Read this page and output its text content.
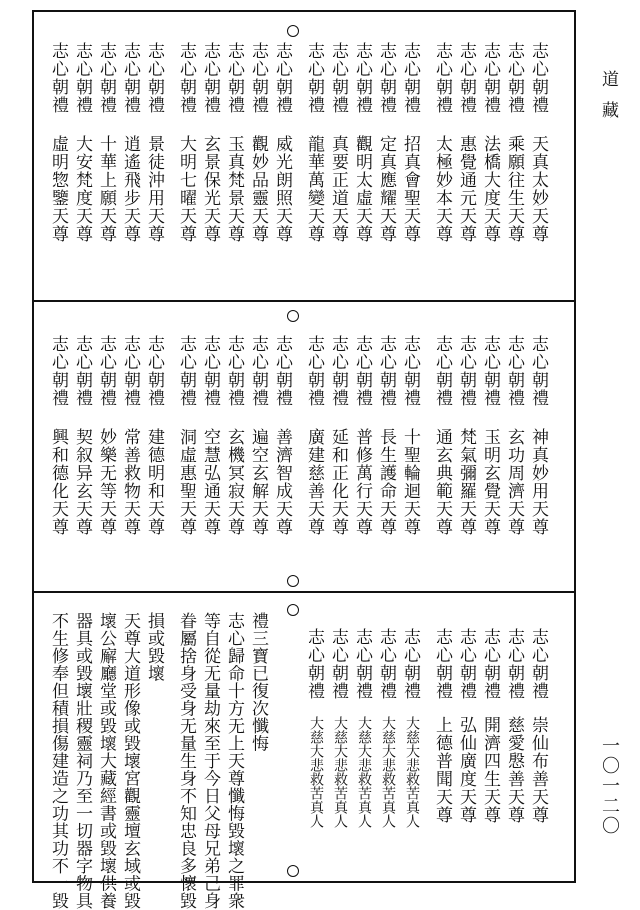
道藏
一〇一二〇
志心朝禮
天真太妙天尊
志心朝禮
乘願往生天尊
志心朝禮
法橋大度天尊
志心朝禮
惠覺通元天尊
志心朝禮
太極妙本天尊
志心朝禮
招真會聖天尊
志心朝禮
定真應耀天尊
志心朝禮
觀明太虛天尊
志心朝禮
真要正道天尊
志心朝禮
龍華萬變天尊
志心朝禮
威光朗照天尊
志心朝禮
觀妙品靈天尊
志心朝禮
玉真梵景天尊
志心朝禮
玄景保光天尊
志心朝禮
大明七曜天尊
志心朝禮
景徒沖用天尊
志心朝禮
逍遙飛步天尊
志心朝禮
十華上願天尊
志心朝禮
大安梵度天尊
志心朝禮
虛明惣鑒天尊
志心朝禮
神真妙用天尊
志心朝禮
玄功周濟天尊
志心朝禮
玉明玄覺天尊
志心朝禮
梵氣彌羅天尊
志心朝禮
通玄典範天尊
志心朝禮
十聖輪迴天尊
志心朝禮
長生護命天尊
志心朝禮
普修萬行天尊
志心朝禮
延和正化天尊
志心朝禮
廣建慈善天尊
志心朝禮
善濟智成天尊
志心朝禮
遍空玄解天尊
志心朝禮
玄機冥寂天尊
志心朝禮
空慧弘通天尊
志心朝禮
洞虛惠聖天尊
志心朝禮
建德明和天尊
志心朝禮
常善救物天尊
志心朝禮
妙樂无等天尊
志心朝禮
契叙异玄天尊
志心朝禮
興和德化天尊
志心朝禮
崇仙布善天尊
志心朝禮
慈愛慇善天尊
志心朝禮
開濟四生天尊
志心朝禮
弘仙廣度天尊
志心朝禮
上德普聞天尊
志心朝禮
大慈大悲救苦真人
志心朝禮
大慈大悲救苦真人
志心朝禮
大慈大悲救苦真人
志心朝禮
大慈大悲救苦真人
志心朝禮
大慈大悲救苦真人
禮三寶已復次懺悔
志心歸命十方无上天尊懺悔毀壞之罪衆
等自從无量劫來至于今日父母兄弟己身
眷屬捨身受身无量生身不知忠良多懷毀
損或毀壞
天尊大道形像或毀壞宮觀靈壇玄域或毀
壞公廨廳堂或毀壞大藏經書或毀壞供養
器具或毀壞壯稷靈祠乃至一切器字物具
不生修奉但積損傷建造之功其功不一毀
